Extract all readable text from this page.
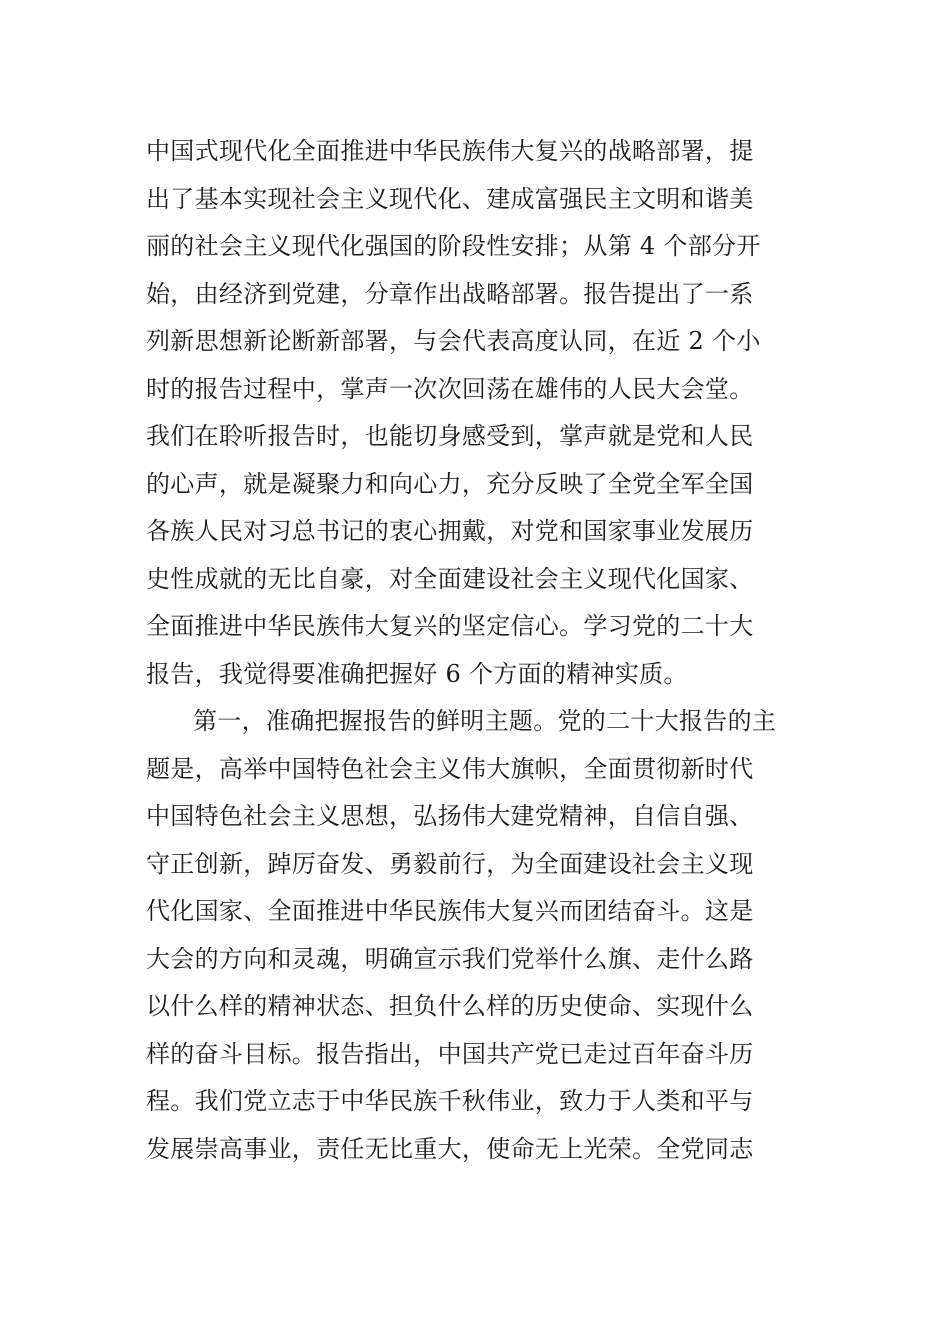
中国式现代化全面推进中华民族伟大复兴的战略部署，提
出了基本实现社会主义现代化、建成富强民主文明和谐美
丽的社会主义现代化强国的阶段性安排；从第 4 个部分开
始，由经济到党建，分章作出战略部署。报告提出了一系
列新思想新论断新部署，与会代表高度认同，在近 2 个小
时的报告过程中，掌声一次次回荡在雄伟的人民大会堂。
我们在聆听报告时，也能切身感受到，掌声就是党和人民
的心声，就是凝聚力和向心力，充分反映了全党全军全国
各族人民对习总书记的衷心拥戴，对党和国家事业发展历
史性成就的无比自豪，对全面建设社会主义现代化国家、
全面推进中华民族伟大复兴的坚定信心。学习党的二十大
报告，我觉得要准确把握好 6 个方面的精神实质。
第一，准确把握报告的鲜明主题。党的二十大报告的主
题是，高举中国特色社会主义伟大旗帜，全面贯彻新时代
中国特色社会主义思想，弘扬伟大建党精神，自信自强、
守正创新，踔厉奋发、勇毅前行，为全面建设社会主义现
代化国家、全面推进中华民族伟大复兴而团结奋斗。这是
大会的方向和灵魂，明确宣示我们党举什么旗、走什么路
以什么样的精神状态、担负什么样的历史使命、实现什么
样的奋斗目标。报告指出，中国共产党已走过百年奋斗历
程。我们党立志于中华民族千秋伟业，致力于人类和平与
发展崇高事业，责任无比重大，使命无上光荣。全党同志
